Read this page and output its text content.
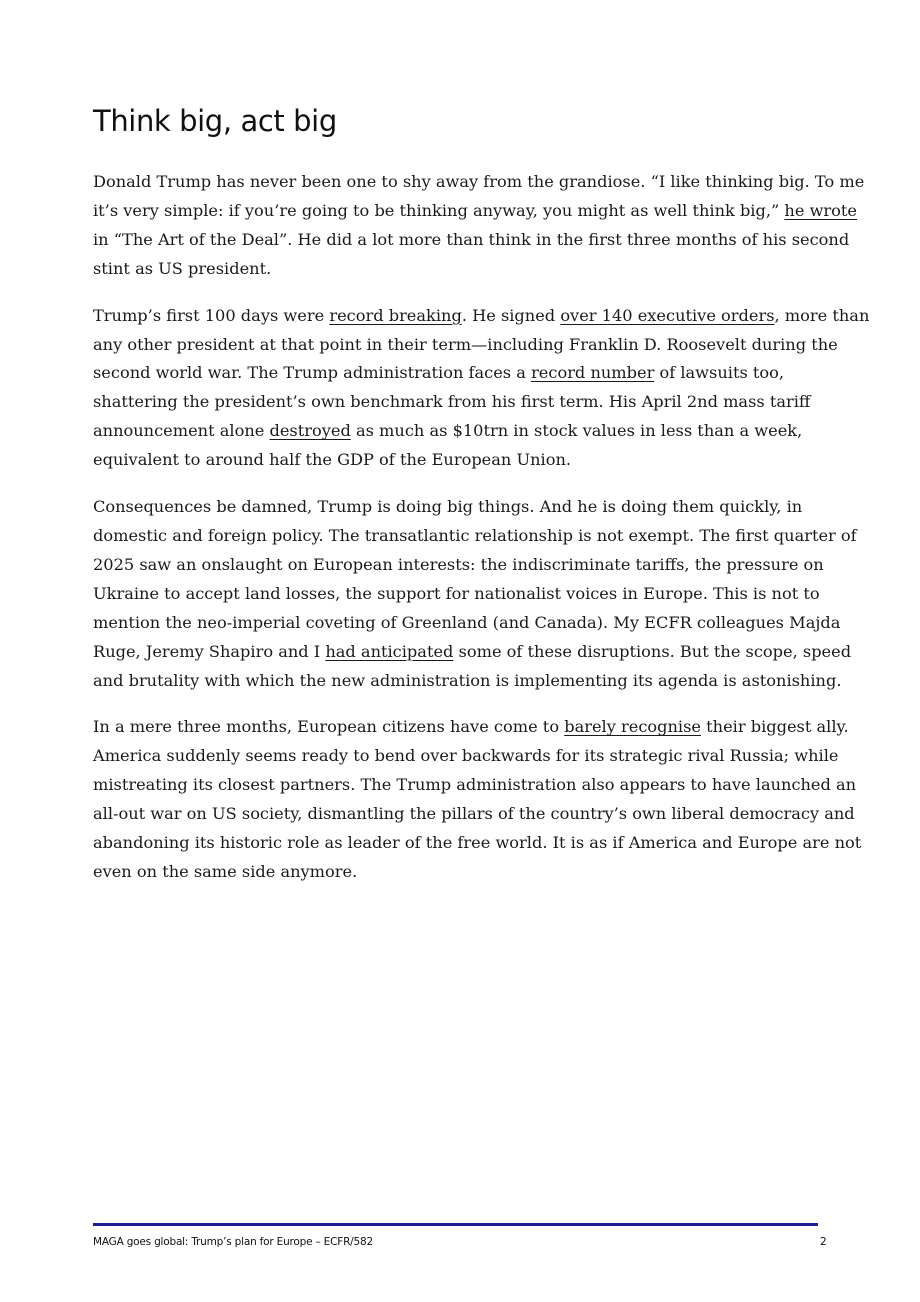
Think big, act big

Donald Trump has never been one to shy away from the grandiose. “I like thinking big. To me
it’s very simple: if you’re going to be thinking anyway, you might as well think big,” he wrote
in “The Art of the Deal”. He did a lot more than think in the first three months of his second
stint as US president.

Trump’s first 100 days were record breaking. He signed over 140 executive orders, more than
any other president at that point in their term—including Franklin D. Roosevelt during the
second world war. The Trump administration faces a record number of lawsuits too,
shattering the president’s own benchmark from his first term. His April 2nd mass tariff
announcement alone destroyed as much as $10trn in stock values in less than a week,
equivalent to around half the GDP of the European Union.

Consequences be damned, Trump is doing big things. And he is doing them quickly, in
domestic and foreign policy. The transatlantic relationship is not exempt. The first quarter of
2025 saw an onslaught on European interests: the indiscriminate tariffs, the pressure on
Ukraine to accept land losses, the support for nationalist voices in Europe. This is not to
mention the neo-imperial coveting of Greenland (and Canada). My ECFR colleagues Majda
Ruge, Jeremy Shapiro and I had anticipated some of these disruptions. But the scope, speed
and brutality with which the new administration is implementing its agenda is astonishing.

In a mere three months, European citizens have come to barely recognise their biggest ally.
America suddenly seems ready to bend over backwards for its strategic rival Russia; while
mistreating its closest partners. The Trump administration also appears to have launched an
all-out war on US society, dismantling the pillars of the country’s own liberal democracy and
abandoning its historic role as leader of the free world. It is as if America and Europe are not
even on the same side anymore.

MAGA goes global: Trump’s plan for Europe – ECFR/582	2
